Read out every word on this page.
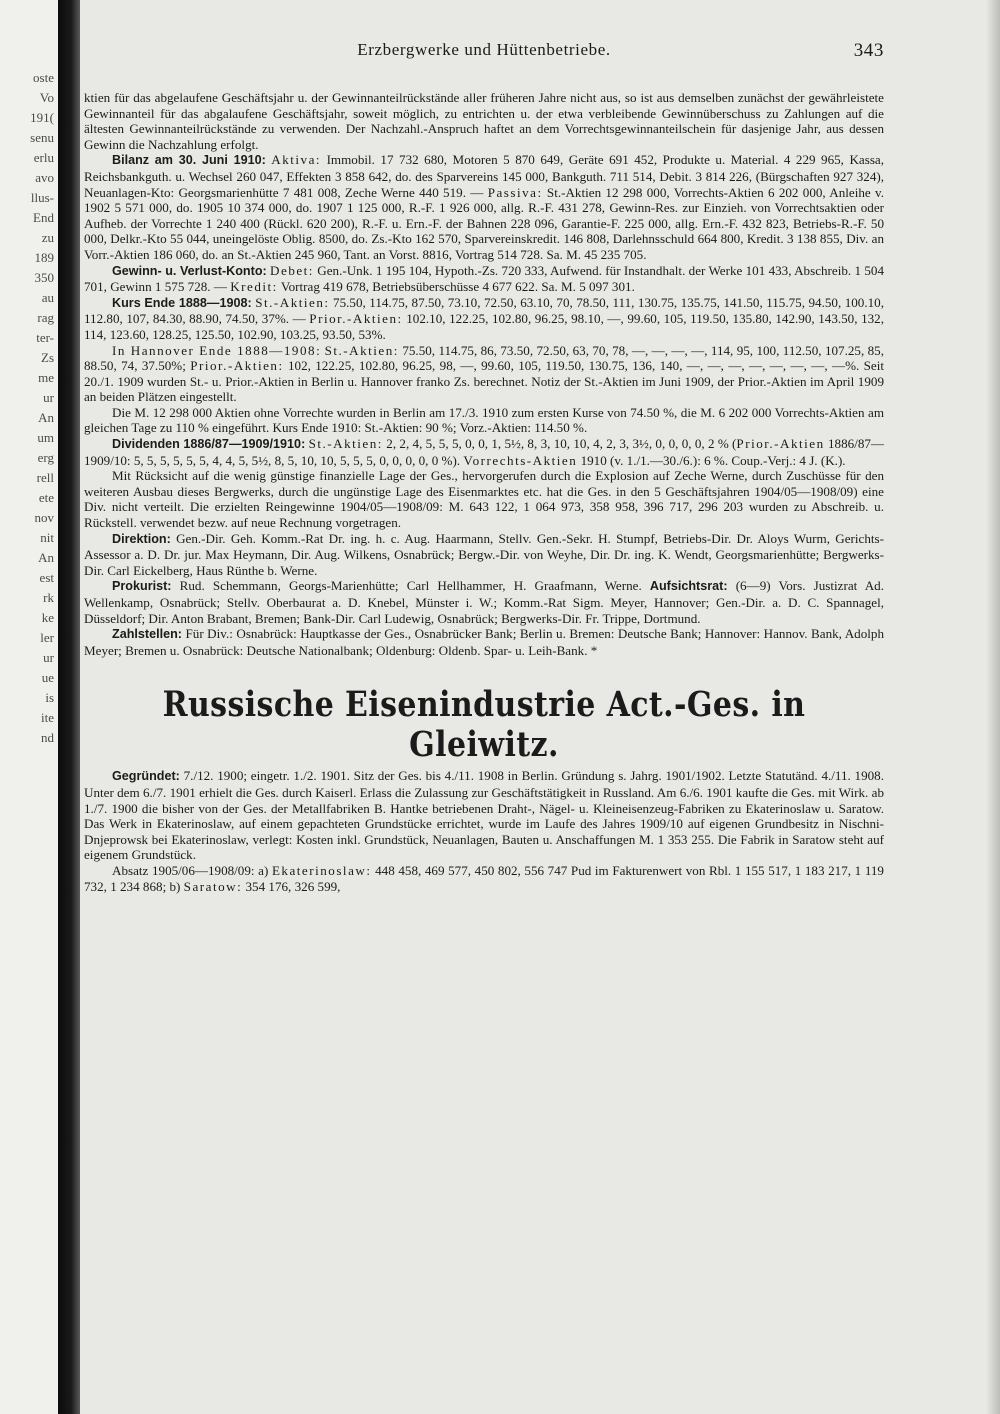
oste
Vo
191(
senu
erlu
avo
llus-
End
zu
189
350
au
rag
ter-
Zs
me
ur
An
um
erg
rell
ete
nov
nit
An
est
rk
ke
ler
ur
ue
is
ite
nd
Erzbergwerke und Hüttenbetriebe.	343

ktien für das abgelaufene Geschäftsjahr u. der Gewinnanteilrückstände aller früheren Jahre nicht aus, so ist aus demselben zunächst der gewährleistete Gewinnanteil für das abgalaufene Geschäftsjahr, soweit möglich, zu entrichten u. der etwa verbleibende Gewinnüberschuss zu Zahlungen auf die ältesten Gewinnanteilrückstände zu verwenden. Der Nachzahl.-Anspruch haftet an dem Vorrechtsgewinnanteilschein für dasjenige Jahr, aus dessen Gewinn die Nachzahlung erfolgt.

Bilanz am 30. Juni 1910: Aktiva: Immobil. 17 732 680, Motoren 5 870 649, Geräte 691 452, Produkte u. Material. 4 229 965, Kassa, Reichsbankguth. u. Wechsel 260 047, Effekten 3 858 642, do. des Sparvereins 145 000, Bankguth. 711 514, Debit. 3 814 226, (Bürgschaften 927 324), Neuanlagen-Kto: Georgsmarienhütte 7 481 008, Zeche Werne 440 519. — Passiva: St.-Aktien 12 298 000, Vorrechts-Aktien 6 202 000, Anleihe v. 1902 5 571 000, do. 1905 10 374 000, do. 1907 1 125 000, R.-F. 1 926 000, allg. R.-F. 431 278, Gewinn-Res. zur Einzieh. von Vorrechtsaktien oder Aufheb. der Vorrechte 1 240 400 (Rückl. 620 200), R.-F. u. Ern.-F. der Bahnen 228 096, Garantie-F. 225 000, allg. Ern.-F. 432 823, Betriebs-R.-F. 50 000, Delkr.-Kto 55 044, uneingelöste Oblig. 8500, do. Zs.-Kto 162 570, Sparvereinskredit. 146 808, Darlehnsschuld 664 800, Kredit. 3 138 855, Div. an Vorr.-Aktien 186 060, do. an St.-Aktien 245 960, Tant. an Vorst. 8816, Vortrag 514 728. Sa. M. 45 235 705.

Gewinn- u. Verlust-Konto: Debet: Gen.-Unk. 1 195 104, Hypoth.-Zs. 720 333, Aufwend. für Instandhalt. der Werke 101 433, Abschreib. 1 504 701, Gewinn 1 575 728. — Kredit: Vortrag 419 678, Betriebsüberschüsse 4 677 622. Sa. M. 5 097 301.

Kurs Ende 1888—1908: St.-Aktien: 75.50, 114.75, 87.50, 73.10, 72.50, 63.10, 70, 78.50, 111, 130.75, 135.75, 141.50, 115.75, 94.50, 100.10, 112.80, 107, 84.30, 88.90, 74.50, 37%. — Prior.-Aktien: 102.10, 122.25, 102.80, 96.25, 98.10, —, 99.60, 105, 119.50, 135.80, 142.90, 143.50, 132, 114, 123.60, 128.25, 125.50, 102.90, 103.25, 93.50, 53%.

In Hannover Ende 1888—1908: St.-Aktien: 75.50, 114.75, 86, 73.50, 72.50, 63, 70, 78, —, —, —, —, 114, 95, 100, 112.50, 107.25, 85, 88.50, 74, 37.50%; Prior.-Aktien: 102, 122.25, 102.80, 96.25, 98, —, 99.60, 105, 119.50, 130.75, 136, 140, —, —, —, —, —, —, —, —%. Seit 20./1. 1909 wurden St.- u. Prior.-Aktien in Berlin u. Hannover franko Zs. berechnet. Notiz der St.-Aktien im Juni 1909, der Prior.-Aktien im April 1909 an beiden Plätzen eingestellt.

Die M. 12 298 000 Aktien ohne Vorrechte wurden in Berlin am 17./3. 1910 zum ersten Kurse von 74.50 %, die M. 6 202 000 Vorrechts-Aktien am gleichen Tage zu 110 % eingeführt. Kurs Ende 1910: St.-Aktien: 90 %; Vorz.-Aktien: 114.50 %.

Dividenden 1886/87—1909/1910: St.-Aktien: 2, 2, 4, 5, 5, 5, 0, 0, 1, 5½, 8, 3, 10, 10, 4, 2, 3, 3½, 0, 0, 0, 0, 2 % (Prior.-Aktien 1886/87—1909/10: 5, 5, 5, 5, 5, 5, 4, 4, 5, 5½, 8, 5, 10, 10, 5, 5, 5, 0, 0, 0, 0, 0 %). Vorrechts-Aktien 1910 (v. 1./1.—30./6.): 6 %. Coup.-Verj.: 4 J. (K.).

Mit Rücksicht auf die wenig günstige finanzielle Lage der Ges., hervorgerufen durch die Explosion auf Zeche Werne, durch Zuschüsse für den weiteren Ausbau dieses Bergwerks, durch die ungünstige Lage des Eisenmarktes etc. hat die Ges. in den 5 Geschäftsjahren 1904/05—1908/09) eine Div. nicht verteilt. Die erzielten Reingewinne 1904/05—1908/09: M. 643 122, 1 064 973, 358 958, 396 717, 296 203 wurden zu Abschreib. u. Rückstell. verwendet bezw. auf neue Rechnung vorgetragen.

Direktion: Gen.-Dir. Geh. Komm.-Rat Dr. ing. h. c. Aug. Haarmann, Stellv. Gen.-Sekr. H. Stumpf, Betriebs-Dir. Dr. Aloys Wurm, Gerichts-Assessor a. D. Dr. jur. Max Heymann, Dir. Aug. Wilkens, Osnabrück; Bergw.-Dir. von Weyhe, Dir. Dr. ing. K. Wendt, Georgsmarienhütte; Bergwerks-Dir. Carl Eickelberg, Haus Rünthe b. Werne.

Prokurist: Rud. Schemmann, Georgs-Marienhütte; Carl Hellhammer, H. Graafmann, Werne. Aufsichtsrat: (6—9) Vors. Justizrat Ad. Wellenkamp, Osnabrück; Stellv. Oberbaurat a. D. Knebel, Münster i. W.; Komm.-Rat Sigm. Meyer, Hannover; Gen.-Dir. a. D. C. Spannagel, Düsseldorf; Dir. Anton Brabant, Bremen; Bank-Dir. Carl Ludewig, Osnabrück; Bergwerks-Dir. Fr. Trippe, Dortmund.

Zahlstellen: Für Div.: Osnabrück: Hauptkasse der Ges., Osnabrücker Bank; Berlin u. Bremen: Deutsche Bank; Hannover: Hannov. Bank, Adolph Meyer; Bremen u. Osnabrück: Deutsche Nationalbank; Oldenburg: Oldenb. Spar- u. Leih-Bank. *

Russische Eisenindustrie Act.-Ges. in Gleiwitz.

Gegründet: 7./12. 1900; eingetr. 1./2. 1901. Sitz der Ges. bis 4./11. 1908 in Berlin. Gründung s. Jahrg. 1901/1902. Letzte Statutänd. 4./11. 1908. Unter dem 6./7. 1901 erhielt die Ges. durch Kaiserl. Erlass die Zulassung zur Geschäftstätigkeit in Russland. Am 6./6. 1901 kaufte die Ges. mit Wirk. ab 1./7. 1900 die bisher von der Ges. der Metallfabriken B. Hantke betriebenen Draht-, Nägel- u. Kleineisenzeug-Fabriken zu Ekaterinoslaw u. Saratow. Das Werk in Ekaterinoslaw, auf einem gepachteten Grundstücke errichtet, wurde im Laufe des Jahres 1909/10 auf eigenen Grundbesitz in Nischni-Dnjeprowsk bei Ekaterinoslaw, verlegt: Kosten inkl. Grundstück, Neuanlagen, Bauten u. Anschaffungen M. 1 353 255. Die Fabrik in Saratow steht auf eigenem Grundstück.

Absatz 1905/06—1908/09: a) Ekaterinoslaw: 448 458, 469 577, 450 802, 556 747 Pud im Fakturenwert von Rbl. 1 155 517, 1 183 217, 1 119 732, 1 234 868; b) Saratow: 354 176, 326 599,
